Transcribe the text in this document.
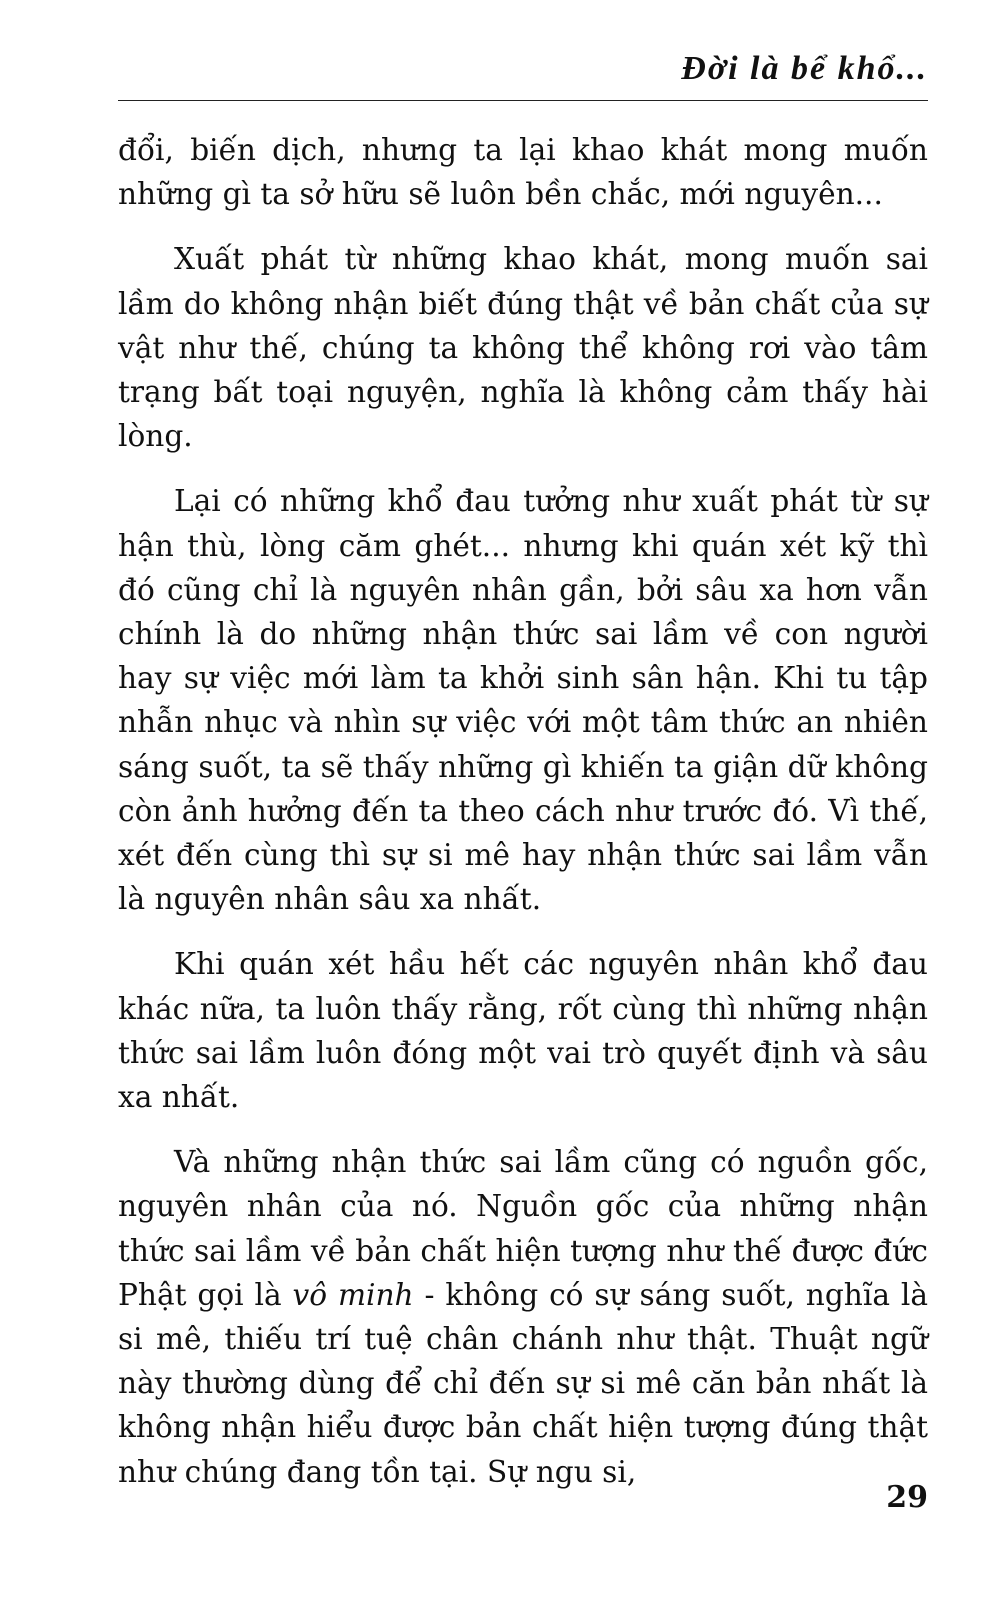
Đời là bể khổ...

đổi, biến dịch, nhưng ta lại khao khát mong muốn những gì ta sở hữu sẽ luôn bền chắc, mới nguyên...

Xuất phát từ những khao khát, mong muốn sai lầm do không nhận biết đúng thật về bản chất của sự vật như thế, chúng ta không thể không rơi vào tâm trạng bất toại nguyện, nghĩa là không cảm thấy hài lòng.

Lại có những khổ đau tưởng như xuất phát từ sự hận thù, lòng căm ghét... nhưng khi quán xét kỹ thì đó cũng chỉ là nguyên nhân gần, bởi sâu xa hơn vẫn chính là do những nhận thức sai lầm về con người hay sự việc mới làm ta khởi sinh sân hận. Khi tu tập nhẫn nhục và nhìn sự việc với một tâm thức an nhiên sáng suốt, ta sẽ thấy những gì khiến ta giận dữ không còn ảnh hưởng đến ta theo cách như trước đó. Vì thế, xét đến cùng thì sự si mê hay nhận thức sai lầm vẫn là nguyên nhân sâu xa nhất.

Khi quán xét hầu hết các nguyên nhân khổ đau khác nữa, ta luôn thấy rằng, rốt cùng thì những nhận thức sai lầm luôn đóng một vai trò quyết định và sâu xa nhất.

Và những nhận thức sai lầm cũng có nguồn gốc, nguyên nhân của nó. Nguồn gốc của những nhận thức sai lầm về bản chất hiện tượng như thế được đức Phật gọi là vô minh - không có sự sáng suốt, nghĩa là si mê, thiếu trí tuệ chân chánh như thật. Thuật ngữ này thường dùng để chỉ đến sự si mê căn bản nhất là không nhận hiểu được bản chất hiện tượng đúng thật như chúng đang tồn tại. Sự ngu si,

29
